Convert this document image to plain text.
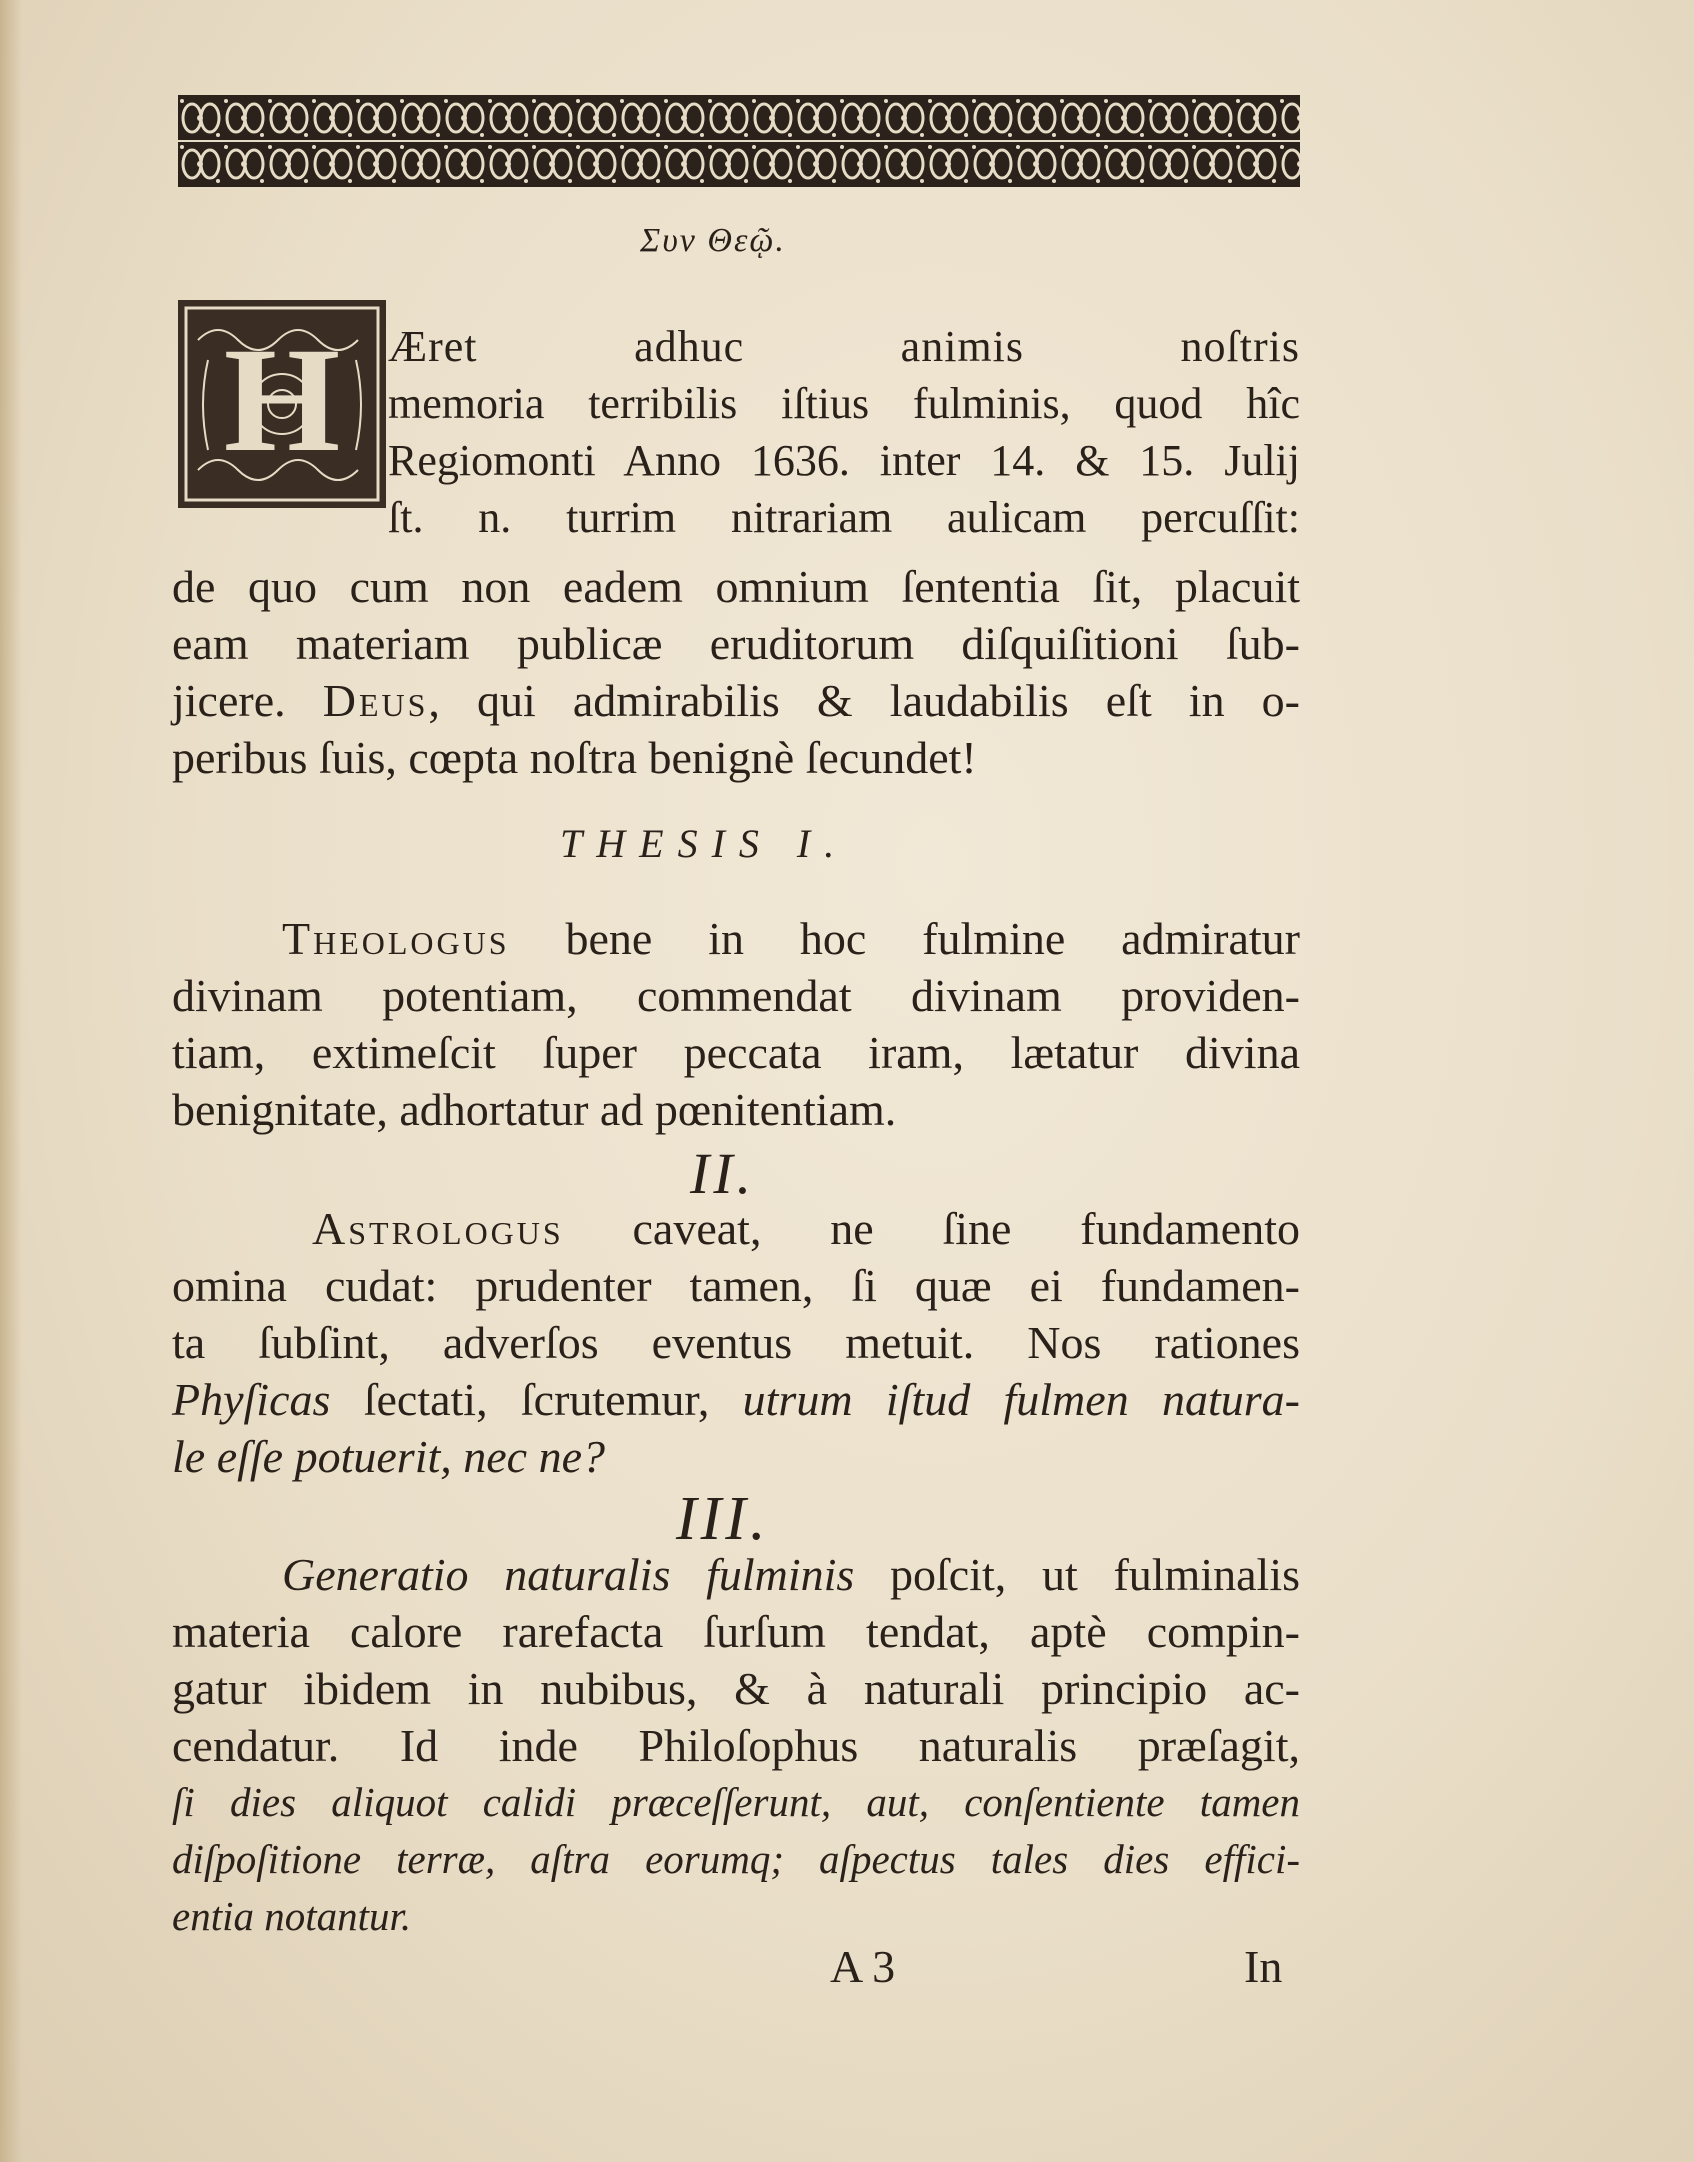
Συν Θεῷ.
H Æret adhuc animis noſtris

memoria terribilis iſtius fulminis, quod hîc

Regiomonti Anno 1636. inter 14. & 15. Julij

ſt. n. turrim nitrariam aulicam percuſſit:

de quo cum non eadem omnium ſententia ſit, placuit

eam materiam publicæ eruditorum diſquiſitioni ſub-

jicere. Deus, qui admirabilis & laudabilis eſt in o-

peribus ſuis, cœpta noſtra benignè ſecundet!

THESIS I.

Theologus bene in hoc fulmine admiratur

divinam potentiam, commendat divinam providen-

tiam, extimeſcit ſuper peccata iram, lætatur divina

benignitate, adhortatur ad pœnitentiam.

II.

Astrologus caveat, ne ſine fundamento

omina cudat: prudenter tamen, ſi quæ ei fundamen-

ta ſubſint, adverſos eventus metuit. Nos rationes

Phyſicas ſectati, ſcrutemur, utrum iſtud fulmen natura-

le eſſe potuerit, nec ne?

III.

Generatio naturalis fulminis poſcit, ut fulminalis

materia calore rarefacta ſurſum tendat, aptè compin-

gatur ibidem in nubibus, & à naturali principio ac-

cendatur. Id inde Philoſophus naturalis præſagit,

ſi dies aliquot calidi præceſſerunt, aut, conſentiente tamen

diſpoſitione terræ, aſtra eorumq; aſpectus tales dies effici-

entia notantur.

A 3	In
